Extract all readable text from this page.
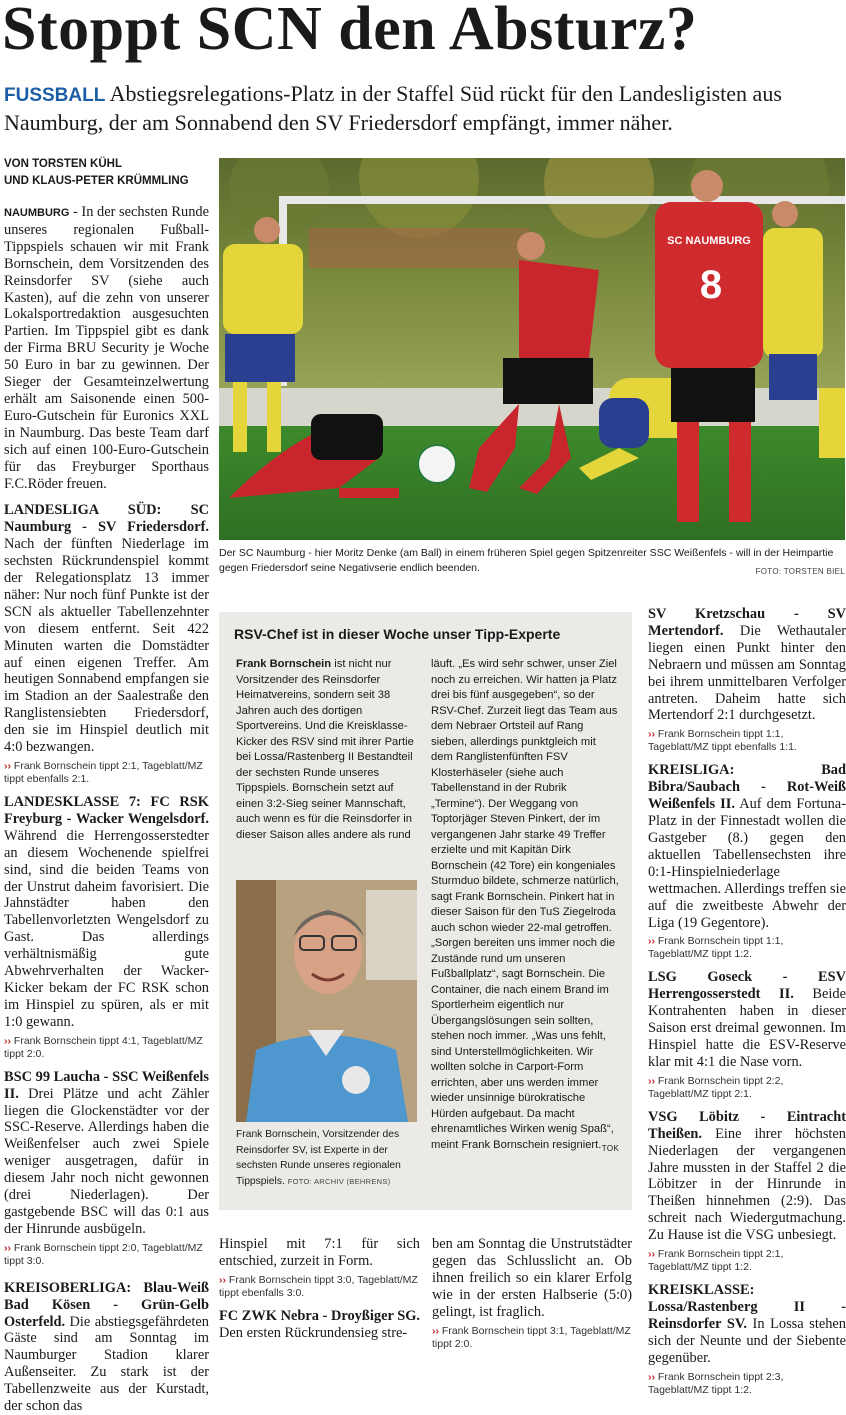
Stoppt SCN den Absturz?
FUSSBALL Abstiegsrelegations-Platz in der Staffel Süd rückt für den Landesligisten aus Naumburg, der am Sonnabend den SV Friedersdorf empfängt, immer näher.
VON TORSTEN KÜHL
UND KLAUS-PETER KRÜMMLING

NAUMBURG - In der sechsten Runde unseres regionalen Fußball-Tippspiels schauen wir mit Frank Bornschein, dem Vorsitzenden des Reinsdorfer SV (siehe auch Kasten), auf die zehn von unserer Lokalsportredaktion ausgesuchten Partien. Im Tippspiel gibt es dank der Firma BRU Security je Woche 50 Euro in bar zu gewinnen. Der Sieger der Gesamteinzelwertung erhält am Saisonende einen 500-Euro-Gutschein für Euronics XXL in Naumburg. Das beste Team darf sich auf einen 100-Euro-Gutschein für das Freyburger Sporthaus F.C.Röder freuen.

LANDESLIGA SÜD: SC Naumburg - SV Friedersdorf. Nach der fünften Niederlage im sechsten Rückrundenspiel kommt der Relegationsplatz 13 immer näher: Nur noch fünf Punkte ist der SCN als aktueller Tabellenzehnter von diesem entfernt. Seit 422 Minuten warten die Domstädter auf einen eigenen Treffer. Am heutigen Sonnabend empfangen sie im Stadion an der Saalestraße den Ranglistensiebten Friedersdorf, den sie im Hinspiel deutlich mit 4:0 bezwangen.

›› Frank Bornschein tippt 2:1, Tageblatt/MZ tippt ebenfalls 2:1.

LANDESKLASSE 7: FC RSK Freyburg - Wacker Wengelsdorf. Während die Herrengosserstedter an diesem Wochenende spielfrei sind, sind die beiden Teams von der Unstrut daheim favorisiert. Die Jahnstädter haben den Tabellenvorletzten Wengelsdorf zu Gast. Das allerdings verhältnismäßig gute Abwehrverhalten der Wacker-Kicker bekam der FC RSK schon im Hinspiel zu spüren, als er mit 1:0 gewann.

›› Frank Bornschein tippt 4:1, Tageblatt/MZ tippt 2:0.

BSC 99 Laucha - SSC Weißenfels II. Drei Plätze und acht Zähler liegen die Glockenstädter vor der SSC-Reserve. Allerdings haben die Weißenfelser auch zwei Spiele weniger ausgetragen, dafür in diesem Jahr noch nicht gewonnen (drei Niederlagen). Der gastgebende BSC will das 0:1 aus der Hinrunde ausbügeln.

›› Frank Bornschein tippt 2:0, Tageblatt/MZ tippt 3:0.

KREISOBERLIGA: Blau-Weiß Bad Kösen - Grün-Gelb Osterfeld. Die abstiegsgefährdeten Gäste sind am Sonntag im Naumburger Stadion klarer Außenseiter. Zu stark ist der Tabellenzweite aus der Kurstadt, der schon das

SC NAUMBURG
8
Der SC Naumburg - hier Moritz Denke (am Ball) in einem früheren Spiel gegen Spitzenreiter SSC Weißenfels - will in der Heimpartie gegen Friedersdorf seine Negativserie endlich beenden.	FOTO: TORSTEN BIEL
RSV-Chef ist in dieser Woche unser Tipp-Experte

Frank Bornschein ist nicht nur Vorsitzender des Reinsdorfer Heimatvereins, sondern seit 38 Jahren auch des dortigen Sportvereins. Und die Kreisklasse-Kicker des RSV sind mit ihrer Partie bei Lossa/Rastenberg II Bestandteil der sechsten Runde unseres Tippspiels. Bornschein setzt auf einen 3:2-Sieg seiner Mannschaft, auch wenn es für die Reinsdorfer in dieser Saison alles andere als rund

läuft. „Es wird sehr schwer, unser Ziel noch zu erreichen. Wir hatten ja Platz drei bis fünf ausgegeben“, so der RSV-Chef. Zurzeit liegt das Team aus dem Nebraer Ortsteil auf Rang sieben, allerdings punktgleich mit dem Ranglistenfünften FSV Klosterhäseler (siehe auch Tabellenstand in der Rubrik „Termine“). Der Weggang von Toptorjäger Steven Pinkert, der im vergangenen Jahr starke 49 Treffer erzielte und mit Kapitän Dirk Bornschein (42 Tore) ein kongeniales Sturmduo bildete, schmerze natürlich, sagt Frank Bornschein. Pinkert hat in dieser Saison für den TuS Ziegelroda auch schon wieder 22-mal getroffen. „Sorgen bereiten uns immer noch die Zustände rund um unseren Fußballplatz“, sagt Bornschein. Die Container, die nach einem Brand im Sportlerheim eigentlich nur Übergangslösungen sein sollten, stehen noch immer. „Was uns fehlt, sind Unterstellmöglichkeiten. Wir wollten solche in Carport-Form errichten, aber uns werden immer wieder unsinnige bürokratische Hürden aufgebaut. Da macht ehrenamtliches Wirken wenig Spaß“, meint Frank Bornschein resigniert. TOK

Frank Bornschein, Vorsitzender des Reinsdorfer SV, ist Experte in der sechsten Runde unseres regionalen Tippspiels. FOTO: ARCHIV (BEHRENS)

Hinspiel mit 7:1 für sich entschied, zurzeit in Form.

›› Frank Bornschein tippt 3:0, Tageblatt/MZ tippt ebenfalls 3:0.

FC ZWK Nebra - Droyßiger SG. Den ersten Rückrundensieg stre-

ben am Sonntag die Unstrutstädter gegen das Schlusslicht an. Ob ihnen freilich so ein klarer Erfolg wie in der ersten Halbserie (5:0) gelingt, ist fraglich.

›› Frank Bornschein tippt 3:1, Tageblatt/MZ tippt 2:0.

SV Kretzschau - SV Mertendorf. Die Wethautaler liegen einen Punkt hinter den Nebraern und müssen am Sonntag bei ihrem unmittelbaren Verfolger antreten. Daheim hatte sich Mertendorf 2:1 durchgesetzt.

›› Frank Bornschein tippt 1:1, Tageblatt/MZ tippt ebenfalls 1:1.

KREISLIGA: Bad Bibra/Saubach - Rot-Weiß Weißenfels II. Auf dem Fortuna-Platz in der Finnestadt wollen die Gastgeber (8.) gegen den aktuellen Tabellensechsten ihre 0:1-Hinspielniederlage wettmachen. Allerdings treffen sie auf die zweitbeste Abwehr der Liga (19 Gegentore).

›› Frank Bornschein tippt 1:1, Tageblatt/MZ tippt 1:2.

LSG Goseck - ESV Herrengosserstedt II. Beide Kontrahenten haben in dieser Saison erst dreimal gewonnen. Im Hinspiel hatte die ESV-Reserve klar mit 4:1 die Nase vorn.

›› Frank Bornschein tippt 2:2, Tageblatt/MZ tippt 2:1.

VSG Löbitz - Eintracht Theißen. Eine ihrer höchsten Niederlagen der vergangenen Jahre mussten in der Staffel 2 die Löbitzer in der Hinrunde in Theißen hinnehmen (2:9). Das schreit nach Wiedergutmachung. Zu Hause ist die VSG unbesiegt.

›› Frank Bornschein tippt 2:1, Tageblatt/MZ tippt 1:2.

KREISKLASSE: Lossa/Rastenberg II - Reinsdorfer SV. In Lossa stehen sich der Neunte und der Siebente gegenüber.

›› Frank Bornschein tippt 2:3, Tageblatt/MZ tippt 1:2.
